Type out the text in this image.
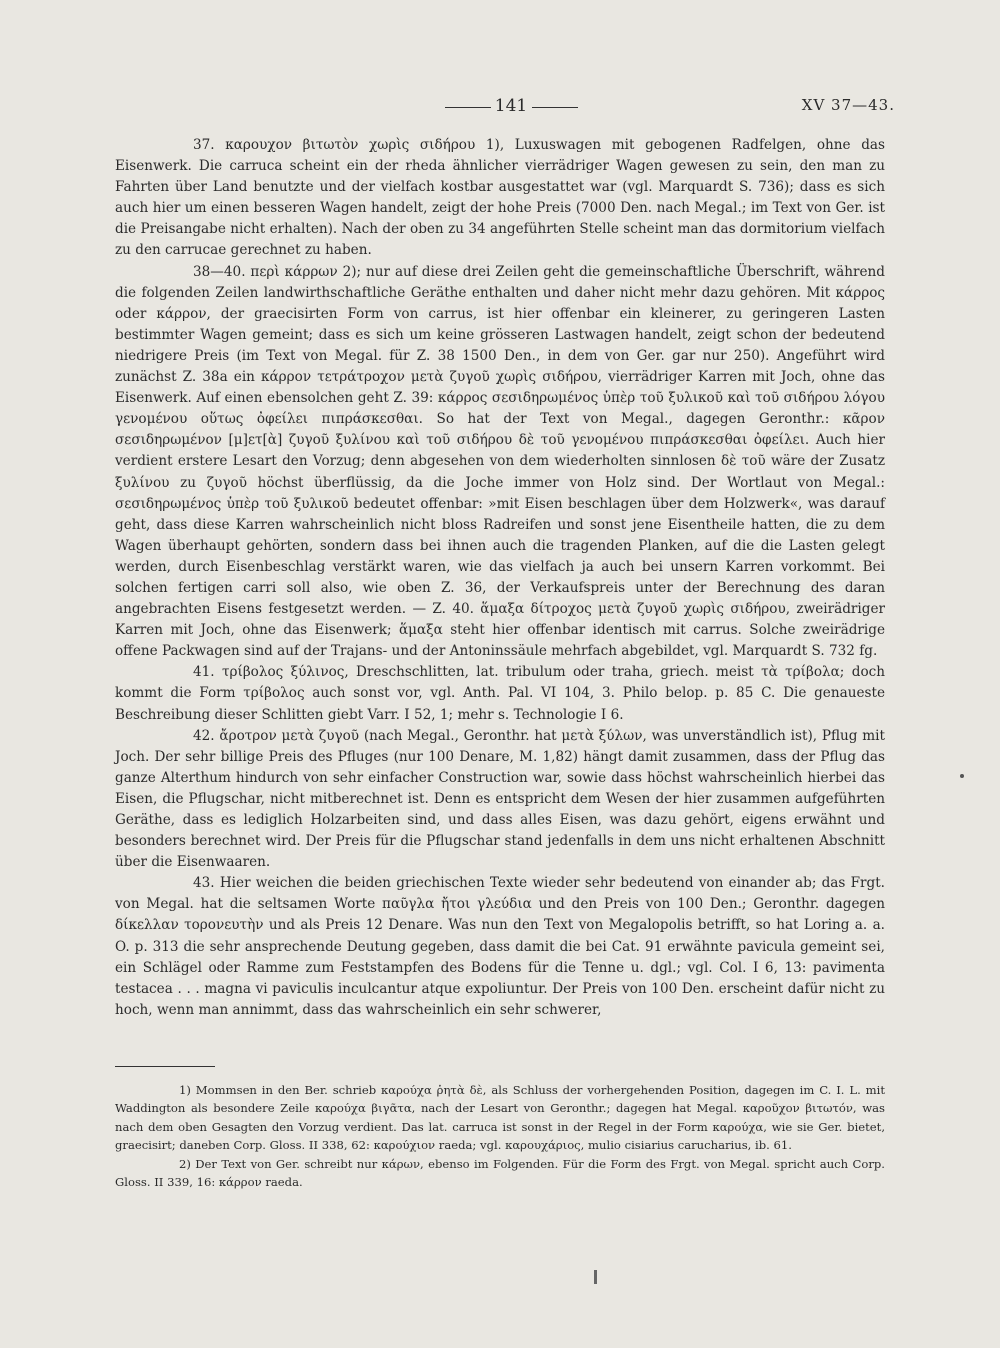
141	XV 37—43.

37. καρουχον βιτωτὸν χωρὶς σιδήρου 1), Luxuswagen mit gebogenen Radfelgen, ohne das Eisenwerk. Die carruca scheint ein der rheda ähnlicher vierrädriger Wagen gewesen zu sein, den man zu Fahrten über Land benutzte und der vielfach kostbar ausgestattet war (vgl. Marquardt S. 736); dass es sich auch hier um einen besseren Wagen handelt, zeigt der hohe Preis (7000 Den. nach Megal.; im Text von Ger. ist die Preisangabe nicht erhalten). Nach der oben zu 34 angeführten Stelle scheint man das dormitorium vielfach zu den carrucae gerechnet zu haben.

38—40. περὶ κάρρων 2); nur auf diese drei Zeilen geht die gemeinschaftliche Überschrift, während die folgenden Zeilen landwirthschaftliche Geräthe enthalten und daher nicht mehr dazu gehören. Mit κάρρος oder κάρρον, der graecisirten Form von carrus, ist hier offenbar ein kleinerer, zu geringeren Lasten bestimmter Wagen gemeint; dass es sich um keine grösseren Lastwagen handelt, zeigt schon der bedeutend niedrigere Preis (im Text von Megal. für Z. 38 1500 Den., in dem von Ger. gar nur 250). Angeführt wird zunächst Z. 38a ein κάρρον τετράτροχον μετὰ ζυγοῦ χωρὶς σιδήρου, vierrädriger Karren mit Joch, ohne das Eisenwerk. Auf einen ebensolchen geht Z. 39: κάρρος σεσιδηρωμένος ὑπὲρ τοῦ ξυλικοῦ καὶ τοῦ σιδήρου λόγου γενομένου οὕτως ὀφείλει πιπράσκεσθαι. So hat der Text von Megal., dagegen Geronthr.: κᾶρον σεσιδηρωμένον [μ]ετ[ὰ] ζυγοῦ ξυλίνου καὶ τοῦ σιδήρου δὲ τοῦ γενομένου πιπράσκεσθαι ὀφείλει. Auch hier verdient erstere Lesart den Vorzug; denn abgesehen von dem wiederholten sinnlosen δὲ τοῦ wäre der Zusatz ξυλίνου zu ζυγοῦ höchst überflüssig, da die Joche immer von Holz sind. Der Wortlaut von Megal.: σεσιδηρωμένος ὑπὲρ τοῦ ξυλικοῦ bedeutet offenbar: »mit Eisen beschlagen über dem Holzwerk«, was darauf geht, dass diese Karren wahrscheinlich nicht bloss Radreifen und sonst jene Eisentheile hatten, die zu dem Wagen überhaupt gehörten, sondern dass bei ihnen auch die tragenden Planken, auf die die Lasten gelegt werden, durch Eisenbeschlag verstärkt waren, wie das vielfach ja auch bei unsern Karren vorkommt. Bei solchen fertigen carri soll also, wie oben Z. 36, der Verkaufspreis unter der Berechnung des daran angebrachten Eisens festgesetzt werden. — Z. 40. ἅμαξα δίτροχος μετὰ ζυγοῦ χωρὶς σιδήρου, zweirädriger Karren mit Joch, ohne das Eisenwerk; ἅμαξα steht hier offenbar identisch mit carrus. Solche zweirädrige offene Packwagen sind auf der Trajans- und der Antoninssäule mehrfach abgebildet, vgl. Marquardt S. 732 fg.

41. τρίβολος ξύλινος, Dreschschlitten, lat. tribulum oder traha, griech. meist τὰ τρίβολα; doch kommt die Form τρίβολος auch sonst vor, vgl. Anth. Pal. VI 104, 3. Philo belop. p. 85 C. Die genaueste Beschreibung dieser Schlitten giebt Varr. I 52, 1; mehr s. Technologie I 6.

42. ἄροτρον μετὰ ζυγοῦ (nach Megal., Geronthr. hat μετὰ ξύλων, was unverständlich ist), Pflug mit Joch. Der sehr billige Preis des Pfluges (nur 100 Denare, M. 1,82) hängt damit zusammen, dass der Pflug das ganze Alterthum hindurch von sehr einfacher Construction war, sowie dass höchst wahrscheinlich hierbei das Eisen, die Pflugschar, nicht mitberechnet ist. Denn es entspricht dem Wesen der hier zusammen aufgeführten Geräthe, dass es lediglich Holzarbeiten sind, und dass alles Eisen, was dazu gehört, eigens erwähnt und besonders berechnet wird. Der Preis für die Pflugschar stand jedenfalls in dem uns nicht erhaltenen Abschnitt über die Eisenwaaren.

43. Hier weichen die beiden griechischen Texte wieder sehr bedeutend von einander ab; das Frgt. von Megal. hat die seltsamen Worte παῦγλα ἤτοι γλεύδια und den Preis von 100 Den.; Geronthr. dagegen δίκελλαν τορονευτὴν und als Preis 12 Denare. Was nun den Text von Megalopolis betrifft, so hat Loring a. a. O. p. 313 die sehr ansprechende Deutung gegeben, dass damit die bei Cat. 91 erwähnte pavicula gemeint sei, ein Schlägel oder Ramme zum Feststampfen des Bodens für die Tenne u. dgl.; vgl. Col. I 6, 13: pavimenta testacea . . . magna vi paviculis inculcantur atque expoliuntur. Der Preis von 100 Den. erscheint dafür nicht zu hoch, wenn man annimmt, dass das wahrscheinlich ein sehr schwerer,

1) Mommsen in den Ber. schrieb καρούχα ῥητὰ δὲ, als Schluss der vorhergehenden Position, dagegen im C. I. L. mit Waddington als besondere Zeile καρούχα βιγᾶτα, nach der Lesart von Geronthr.; dagegen hat Megal. καροῦχον βιτωτόν, was nach dem oben Gesagten den Vorzug verdient. Das lat. carruca ist sonst in der Regel in der Form καρούχα, wie sie Ger. bietet, graecisirt; daneben Corp. Gloss. II 338, 62: καρούχιον raeda; vgl. καρουχάριος, mulio cisiarius carucharius, ib. 61.

2) Der Text von Ger. schreibt nur κάρων, ebenso im Folgenden. Für die Form des Frgt. von Megal. spricht auch Corp. Gloss. II 339, 16: κάρρον raeda.
